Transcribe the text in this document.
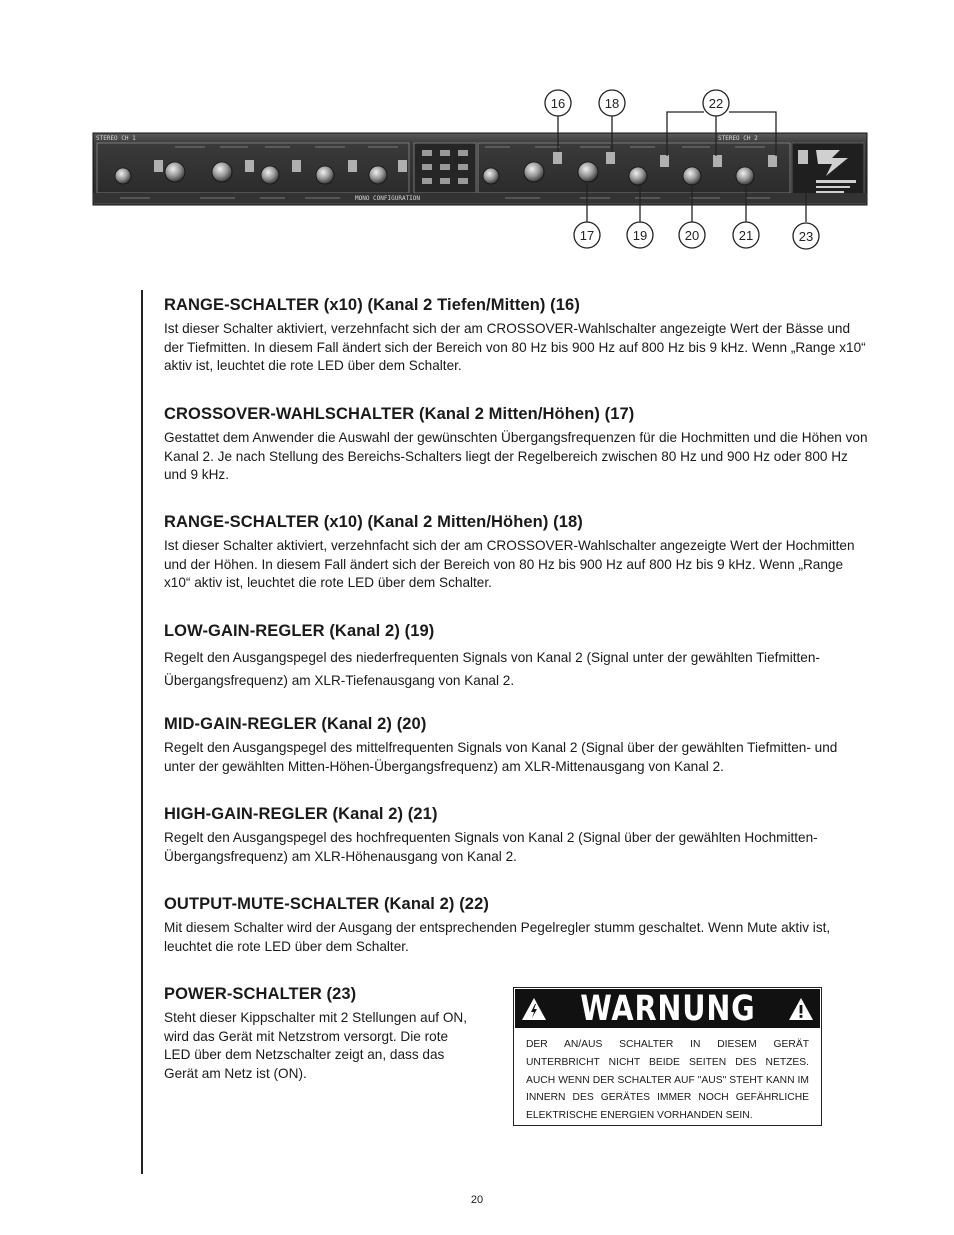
STEREO CH 1	STEREO CH 2
MONO CONFIGURATION
16	18	22
17	19	20	21	23
RANGE-SCHALTER (x10) (Kanal 2 Tiefen/Mitten) (16)

Ist dieser Schalter aktiviert, verzehnfacht sich der am CROSSOVER-Wahlschalter angezeigte Wert der Bässe und der Tiefmitten. In diesem Fall ändert sich der Bereich von 80 Hz bis 900 Hz auf 800 Hz bis 9 kHz. Wenn „Range x10“ aktiv ist, leuchtet die rote LED über dem Schalter.

CROSSOVER-WAHLSCHALTER (Kanal 2 Mitten/Höhen) (17)

Gestattet dem Anwender die Auswahl der gewünschten Übergangsfrequenzen für die Hochmitten und die Höhen von Kanal 2. Je nach Stellung des Bereichs-Schalters liegt der Regelbereich zwischen 80 Hz und 900 Hz oder 800 Hz und 9 kHz.

RANGE-SCHALTER (x10) (Kanal 2 Mitten/Höhen) (18)

Ist dieser Schalter aktiviert, verzehnfacht sich der am CROSSOVER-Wahlschalter angezeigte Wert der Hochmitten und der Höhen. In diesem Fall ändert sich der Bereich von 80 Hz bis 900 Hz auf 800 Hz bis 9 kHz. Wenn „Range x10“ aktiv ist, leuchtet die rote LED über dem Schalter.

LOW-GAIN-REGLER (Kanal 2) (19)

Regelt den Ausgangspegel des niederfrequenten Signals von Kanal 2 (Signal unter der gewählten Tiefmitten-Übergangsfrequenz) am XLR-Tiefenausgang von Kanal 2.

MID-GAIN-REGLER (Kanal 2) (20)

Regelt den Ausgangspegel des mittelfrequenten Signals von Kanal 2 (Signal über der gewählten Tiefmitten- und unter der gewählten Mitten-Höhen-Übergangsfrequenz) am XLR-Mittenausgang von Kanal 2.

HIGH-GAIN-REGLER (Kanal 2) (21)

Regelt den Ausgangspegel des hochfrequenten Signals von Kanal 2 (Signal über der gewählten Hochmitten-Übergangsfrequenz) am XLR-Höhenausgang von Kanal 2.

OUTPUT-MUTE-SCHALTER (Kanal 2) (22)

Mit diesem Schalter wird der Ausgang der entsprechenden Pegelregler stumm geschaltet. Wenn Mute aktiv ist, leuchtet die rote LED über dem Schalter.

POWER-SCHALTER (23)

Steht dieser Kippschalter mit 2 Stellungen auf ON, wird das Gerät mit Netzstrom versorgt. Die rote LED über dem Netzschalter zeigt an, dass das Gerät am Netz ist (ON).

WARNUNG
DER AN/AUS SCHALTER IN DIESEM GERÄT UNTERBRICHT NICHT BEIDE SEITEN DES NETZES. AUCH WENN DER SCHALTER AUF "AUS" STEHT KANN IM INNERN DES GERÄTES IMMER NOCH GEFÄHRLICHE ELEKTRISCHE ENERGIEN VORHANDEN SEIN.
20
